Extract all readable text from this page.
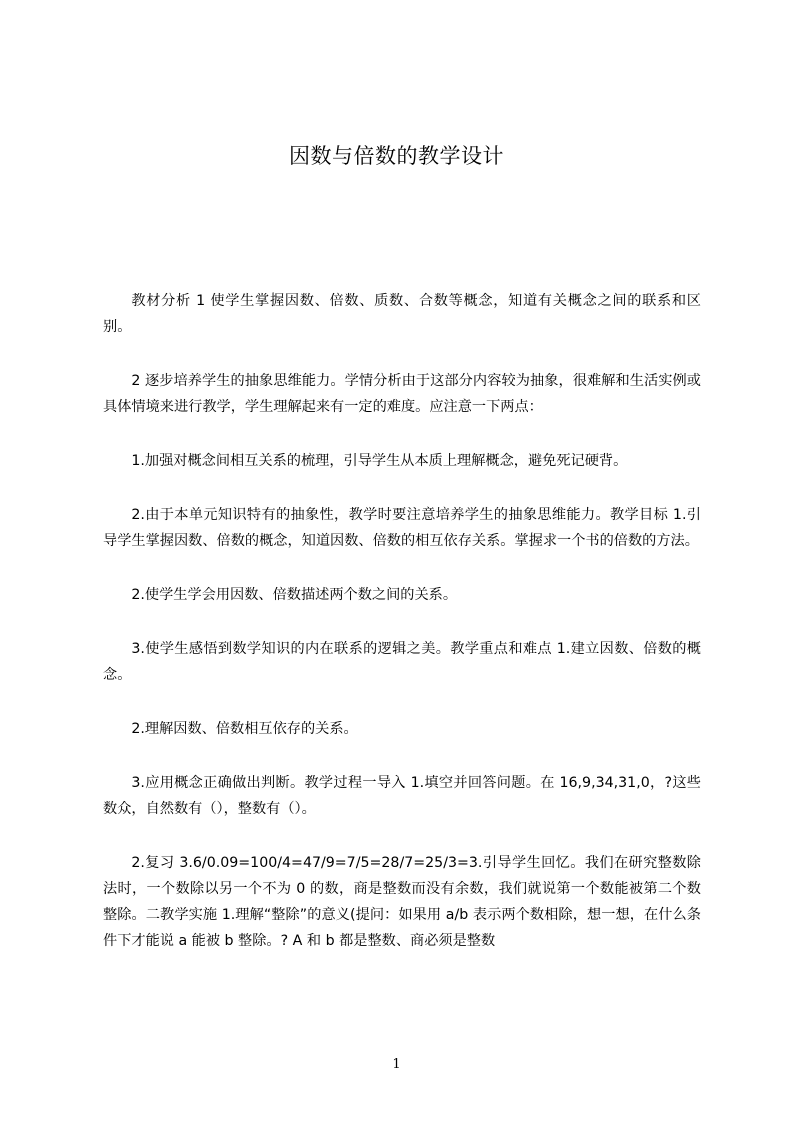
因数与倍数的教学设计

教材分析 1 使学生掌握因数、倍数、质数、合数等概念，知道有关概念之间的联系和区别。

2 逐步培养学生的抽象思维能力。学情分析由于这部分内容较为抽象，很难解和生活实例或具体情境来进行教学，学生理解起来有一定的难度。应注意一下两点：

1.加强对概念间相互关系的梳理，引导学生从本质上理解概念，避免死记硬背。

2.由于本单元知识特有的抽象性，教学时要注意培养学生的抽象思维能力。教学目标 1.引导学生掌握因数、倍数的概念，知道因数、倍数的相互依存关系。掌握求一个书的倍数的方法。

2.使学生学会用因数、倍数描述两个数之间的关系。

3.使学生感悟到数学知识的内在联系的逻辑之美。教学重点和难点 1.建立因数、倍数的概念。

2.理解因数、倍数相互依存的关系。

3.应用概念正确做出判断。教学过程一导入 1.填空并回答问题。在 16,9,34,31,0，?这些数众，自然数有（），整数有（）。

2.复习 3.6/0.09=100/4=47/9=7/5=28/7=25/3=3.引导学生回忆。我们在研究整数除法时，一个数除以另一个不为 0 的数，商是整数而没有余数，我们就说第一个数能被第二个数整除。二教学实施 1.理解“整除”的意义(提问：如果用 a/b 表示两个数相除，想一想，在什么条件下才能说 a 能被 b 整除。? A 和 b 都是整数、商必须是整数

1
